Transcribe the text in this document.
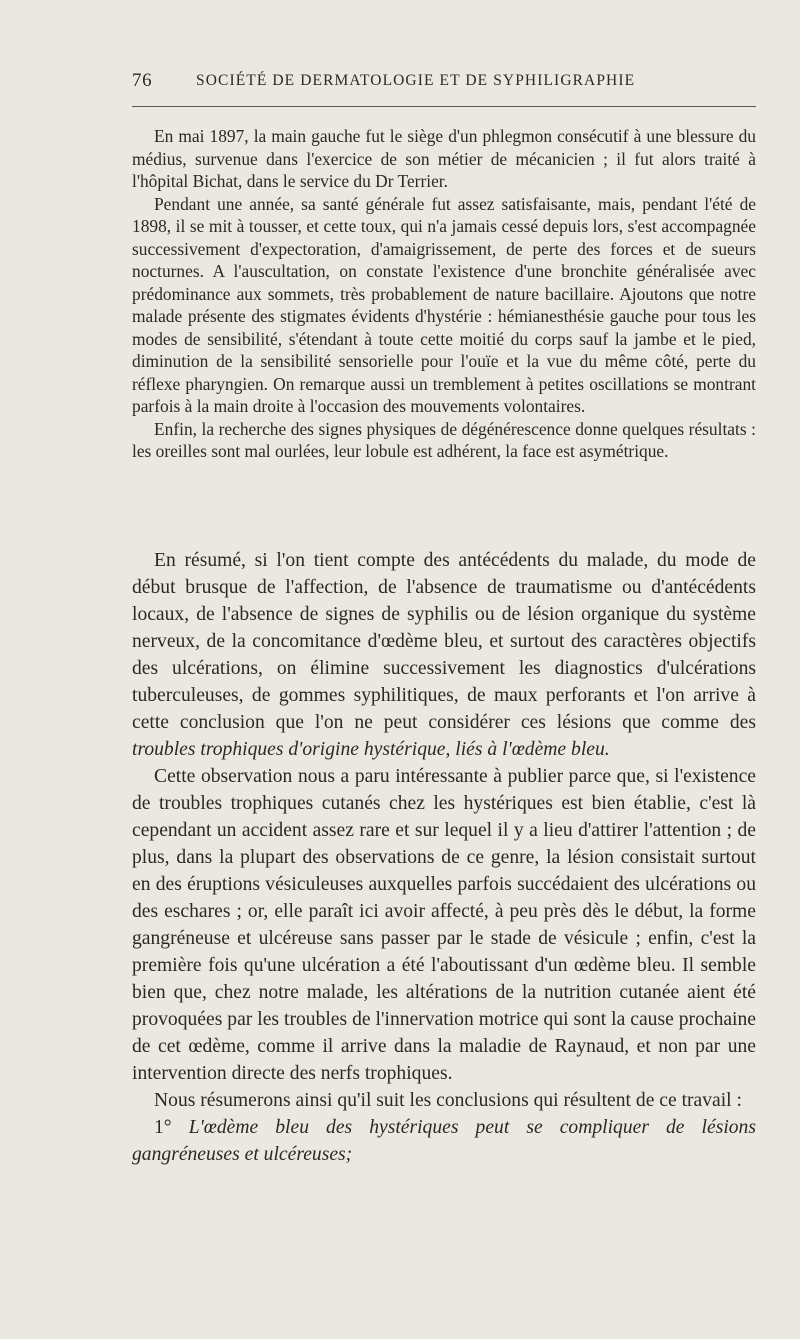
76	SOCIÉTÉ DE DERMATOLOGIE ET DE SYPHILIGRAPHIE

En mai 1897, la main gauche fut le siège d'un phlegmon consécutif à une blessure du médius, survenue dans l'exercice de son métier de mécanicien ; il fut alors traité à l'hôpital Bichat, dans le service du Dr Terrier.

Pendant une année, sa santé générale fut assez satisfaisante, mais, pendant l'été de 1898, il se mit à tousser, et cette toux, qui n'a jamais cessé depuis lors, s'est accompagnée successivement d'expectoration, d'amaigrissement, de perte des forces et de sueurs nocturnes. A l'auscultation, on constate l'existence d'une bronchite généralisée avec prédominance aux sommets, très probablement de nature bacillaire. Ajoutons que notre malade présente des stigmates évidents d'hystérie : hémianesthésie gauche pour tous les modes de sensibilité, s'étendant à toute cette moitié du corps sauf la jambe et le pied, diminution de la sensibilité sensorielle pour l'ouïe et la vue du même côté, perte du réflexe pharyngien. On remarque aussi un tremblement à petites oscillations se montrant parfois à la main droite à l'occasion des mouvements volontaires.

Enfin, la recherche des signes physiques de dégénérescence donne quelques résultats : les oreilles sont mal ourlées, leur lobule est adhérent, la face est asymétrique.

En résumé, si l'on tient compte des antécédents du malade, du mode de début brusque de l'affection, de l'absence de traumatisme ou d'antécédents locaux, de l'absence de signes de syphilis ou de lésion organique du système nerveux, de la concomitance d'œdème bleu, et surtout des caractères objectifs des ulcérations, on élimine successivement les diagnostics d'ulcérations tuberculeuses, de gommes syphilitiques, de maux perforants et l'on arrive à cette conclusion que l'on ne peut considérer ces lésions que comme des troubles trophiques d'origine hystérique, liés à l'œdème bleu.

Cette observation nous a paru intéressante à publier parce que, si l'existence de troubles trophiques cutanés chez les hystériques est bien établie, c'est là cependant un accident assez rare et sur lequel il y a lieu d'attirer l'attention ; de plus, dans la plupart des observations de ce genre, la lésion consistait surtout en des éruptions vésiculeuses auxquelles parfois succédaient des ulcérations ou des eschares ; or, elle paraît ici avoir affecté, à peu près dès le début, la forme gangréneuse et ulcéreuse sans passer par le stade de vésicule ; enfin, c'est la première fois qu'une ulcération a été l'aboutissant d'un œdème bleu. Il semble bien que, chez notre malade, les altérations de la nutrition cutanée aient été provoquées par les troubles de l'innervation motrice qui sont la cause prochaine de cet œdème, comme il arrive dans la maladie de Raynaud, et non par une intervention directe des nerfs trophiques.

Nous résumerons ainsi qu'il suit les conclusions qui résultent de ce travail :

1° L'œdème bleu des hystériques peut se compliquer de lésions gangréneuses et ulcéreuses;
